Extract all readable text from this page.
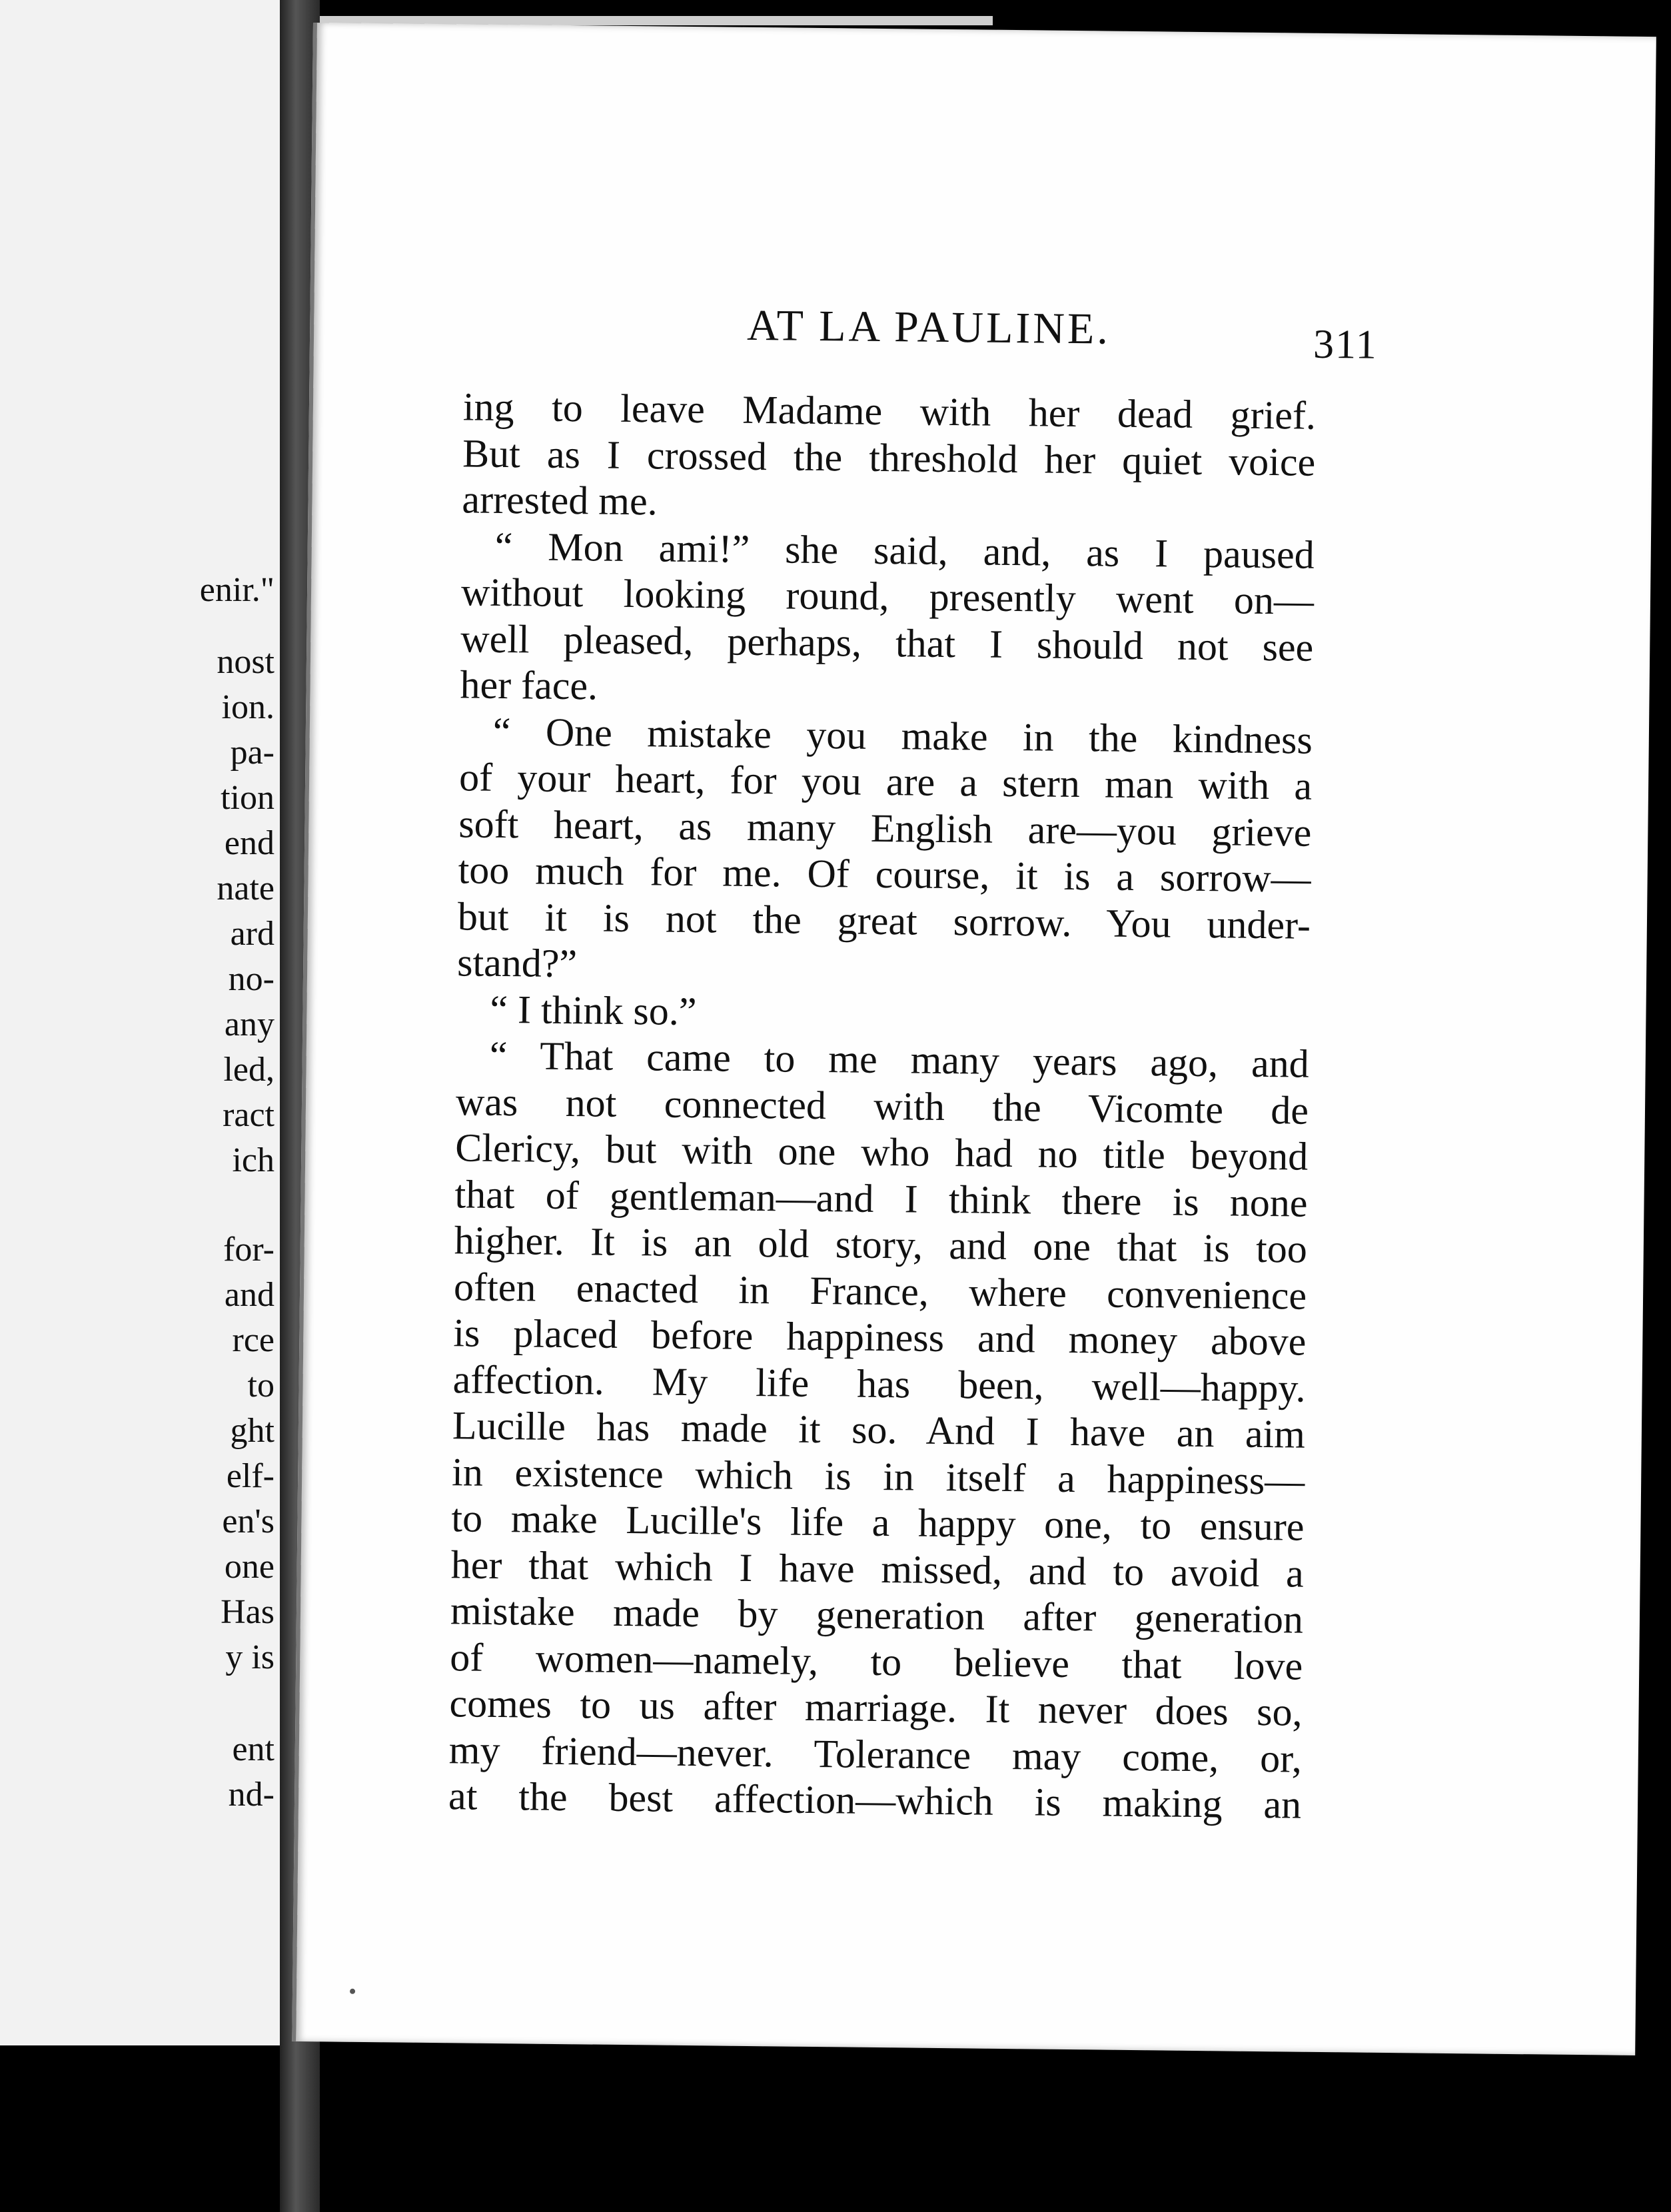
enir."
nost
ion.
pa-
tion
end
nate
ard
no-
any
led,
ract
ich
for-
and
rce
to
ght
elf-
en's
one
Has
y is
ent
nd-
AT LA PAULINE.	311
ing to leave Madame with her dead grief.
But as I crossed the threshold her quiet voice
arrested me.
“ Mon ami!” she said, and, as I paused
without looking round, presently went on—
well pleased, perhaps, that I should not see
her face.
“ One mistake you make in the kindness
of your heart, for you are a stern man with a
soft heart, as many English are—you grieve
too much for me. Of course, it is a sorrow—
but it is not the great sorrow. You under-
stand?”
“ I think so.”
“ That came to me many years ago, and
was not connected with the Vicomte de
Clericy, but with one who had no title beyond
that of gentleman—and I think there is none
higher. It is an old story, and one that is too
often enacted in France, where convenience
is placed before happiness and money above
affection. My life has been, well—happy.
Lucille has made it so. And I have an aim
in existence which is in itself a happiness—
to make Lucille's life a happy one, to ensure
her that which I have missed, and to avoid a
mistake made by generation after generation
of women—namely, to believe that love
comes to us after marriage. It never does so,
my friend—never. Tolerance may come, or,
at the best affection—which is making an
